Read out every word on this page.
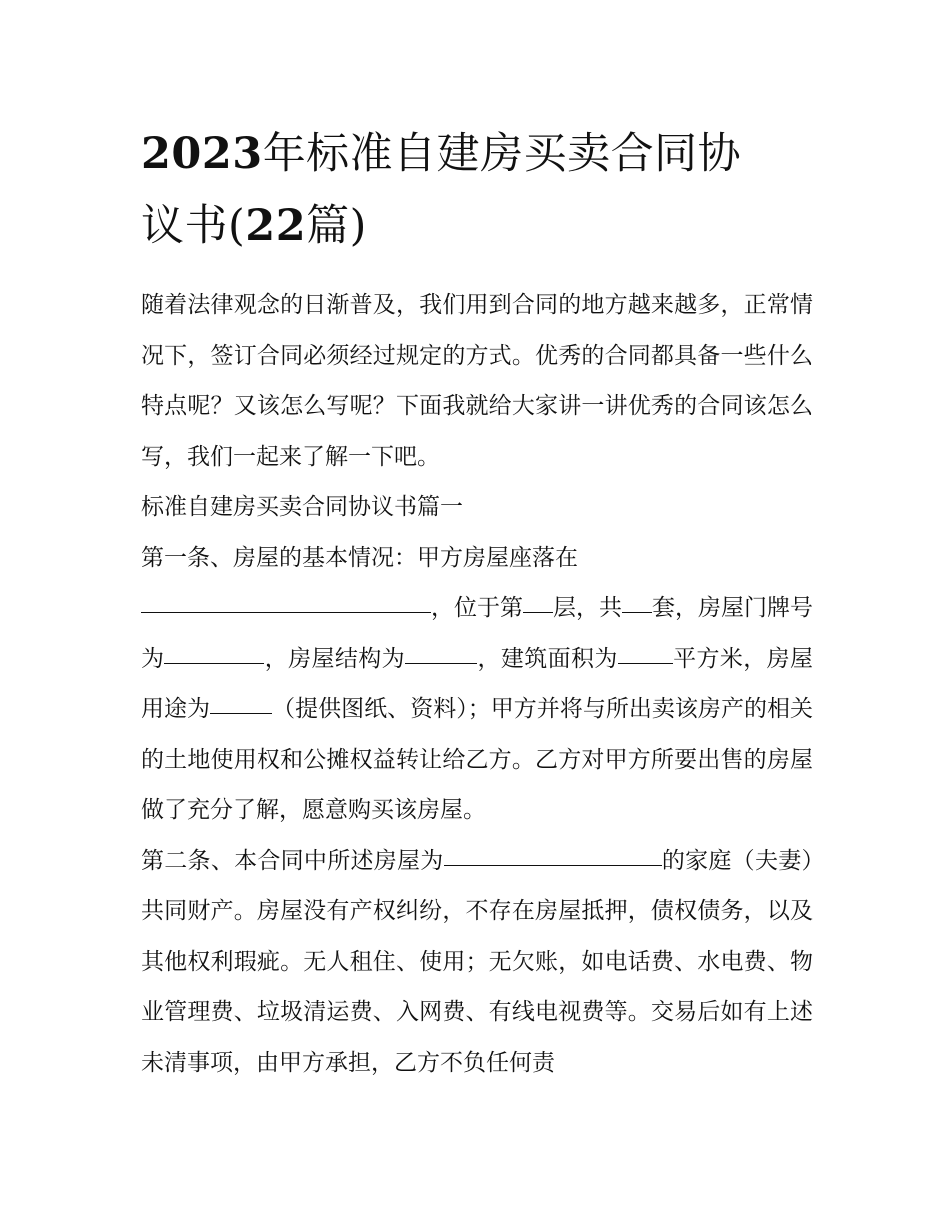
2023年标准自建房买卖合同协
议书(22篇)

随着法律观念的日渐普及，我们用到合同的地方越来越多，正常情况下，签订合同必须经过规定的方式。优秀的合同都具备一些什么特点呢？又该怎么写呢？下面我就给大家讲一讲优秀的合同该怎么写，我们一起来了解一下吧。

标准自建房买卖合同协议书篇一

第一条、房屋的基本情况：甲方房屋座落在
，位于第 层，共 套，房屋门牌号为	，房屋结构为	，建筑面积为 平方米，房屋用途为	（提供图纸、资料）；甲方并将与所出卖该房产的相关的土地使用权和公摊权益转让给乙方。乙方对甲方所要出售的房屋做了充分了解，愿意购买该房屋。

第二条、本合同中所述房屋为	的家庭（夫妻）共同财产。房屋没有产权纠纷，不存在房屋抵押，债权债务，以及其他权利瑕疵。无人租住、使用；无欠账，如电话费、水电费、物业管理费、垃圾清运费、入网费、有线电视费等。交易后如有上述未清事项，由甲方承担，乙方不负任何责
